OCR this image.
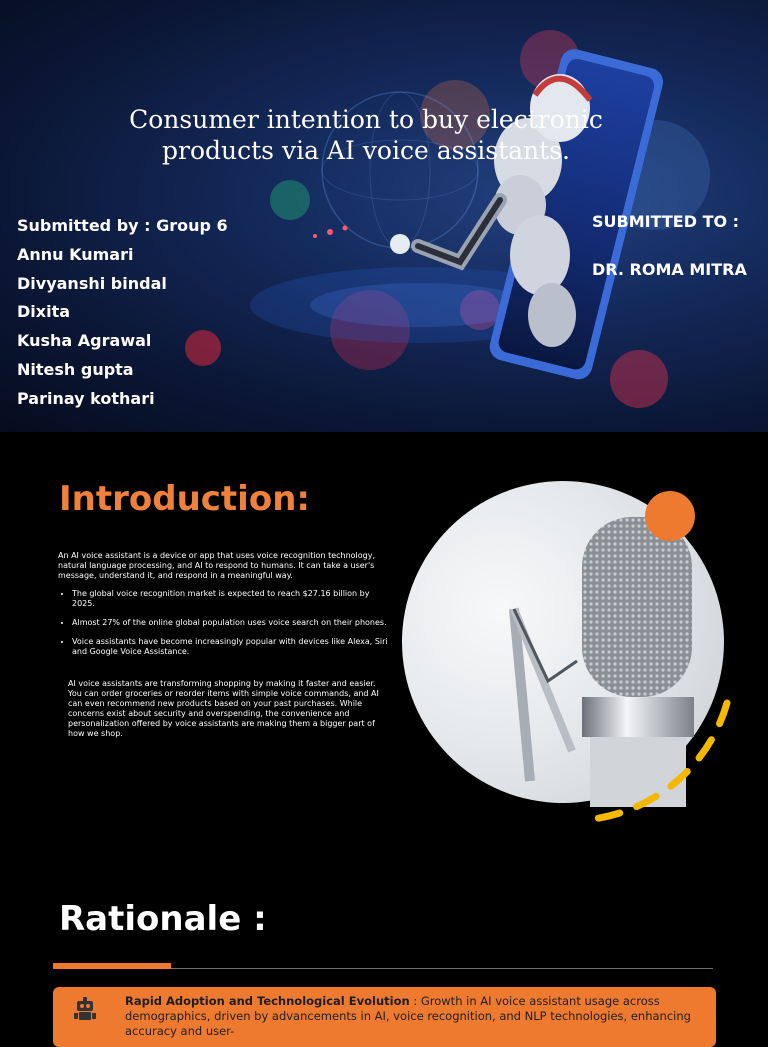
Consumer intention to buy electronic products via AI voice assistants.
Submitted by : Group 6
Annu Kumari
Divyanshi bindal
Dixita
Kusha Agrawal
Nitesh gupta
Parinay kothari
SUBMITTED TO :
DR. ROMA MITRA
Introduction:

An AI voice assistant is a device or app that uses voice recognition technology, natural language processing, and AI to respond to humans. It can take a user's message, understand it, and respond in a meaningful way.

• The global voice recognition market is expected to reach $27.16 billion by 2025.
• Almost 27% of the online global population uses voice search on their phones.
• Voice assistants have become increasingly popular with devices like Alexa, Siri and Google Voice Assistance.

AI voice assistants are transforming shopping by making it faster and easier. You can order groceries or reorder items with simple voice commands, and AI can even recommend new products based on your past purchases. While concerns exist about security and overspending, the convenience and personalization offered by voice assistants are making them a bigger part of how we shop.

Rationale :
Rapid Adoption and Technological Evolution : Growth in AI voice assistant usage across demographics, driven by advancements in AI, voice recognition, and NLP technologies, enhancing accuracy and user-
